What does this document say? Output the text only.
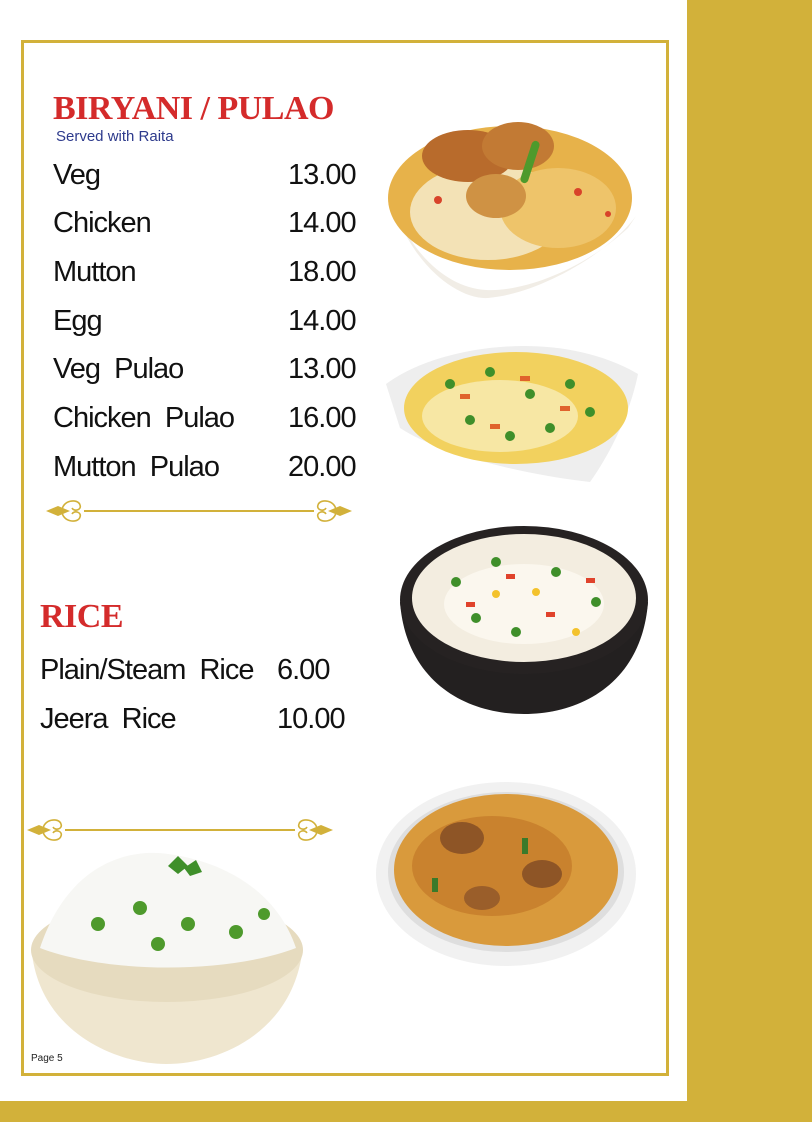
BIRYANI / PULAO
Served with Raita
Veg	13.00
Chicken	14.00
Mutton	18.00
Egg	14.00
Veg  Pulao	13.00
Chicken  Pulao 16.00
Mutton  Pulao 20.00
RICE
Plain/Steam  Rice 6.00
Jeera  Rice	10.00
Page 5
